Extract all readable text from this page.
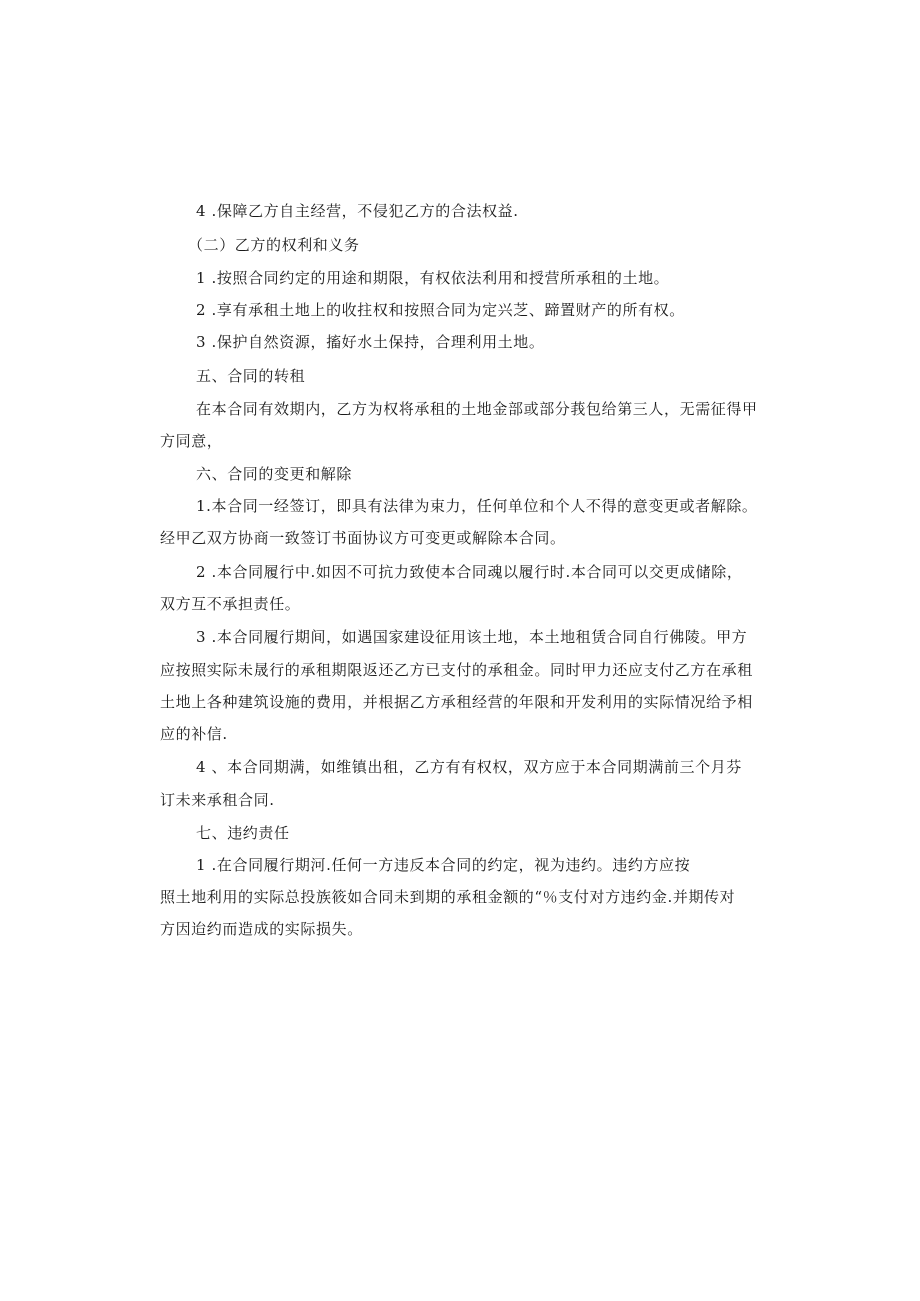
4 .保障乙方自主经营，不侵犯乙方的合法权益.
（二）乙方的权利和义务
1 .按照合同约定的用途和期限，有权依法利用和授营所承租的土地。
2 .享有承租土地上的收拄权和按照合同为定兴芝、蹄置财产的所有权。
3 .保护自然资源，搐好水土保持，合理利用土地。
五、合同的转租
在本合同有效期内，乙方为权将承租的土地金部或部分莪包给第三人，无需征得甲
方同意，
六、合同的变更和解除
1.本合同一经签订，即具有法律为束力，任何单位和个人不得的意变更或者解除。
经甲乙双方协商一致签订书面协议方可变更或解除本合同。
2 .本合同履行中.如因不可抗力致使本合同魂以履行时.本合同可以交更成储除，
双方互不承担责任。
3 .本合同履行期间，如遇国家建设征用该土地，本土地租赁合同自行佛陵。甲方
应按照实际未晟行的承租期限返还乙方已支付的承租金。同时甲力还应支付乙方在承租
土地上各种建筑设施的费用，并根据乙方承租经营的年限和开发利用的实际情况给予相
应的补信.
4 、本合同期满，如维镇出租，乙方有有权权，双方应于本合同期满前三个月芬
订未来承租合同.
七、违约责任
1 .在合同履行期河.任何一方违反本合同的约定，视为违约。违约方应按
照土地利用的实际总投族筱如合同未到期的承租金额的“％支付对方违约金.并期传对
方因迨约而造成的实际损失。
